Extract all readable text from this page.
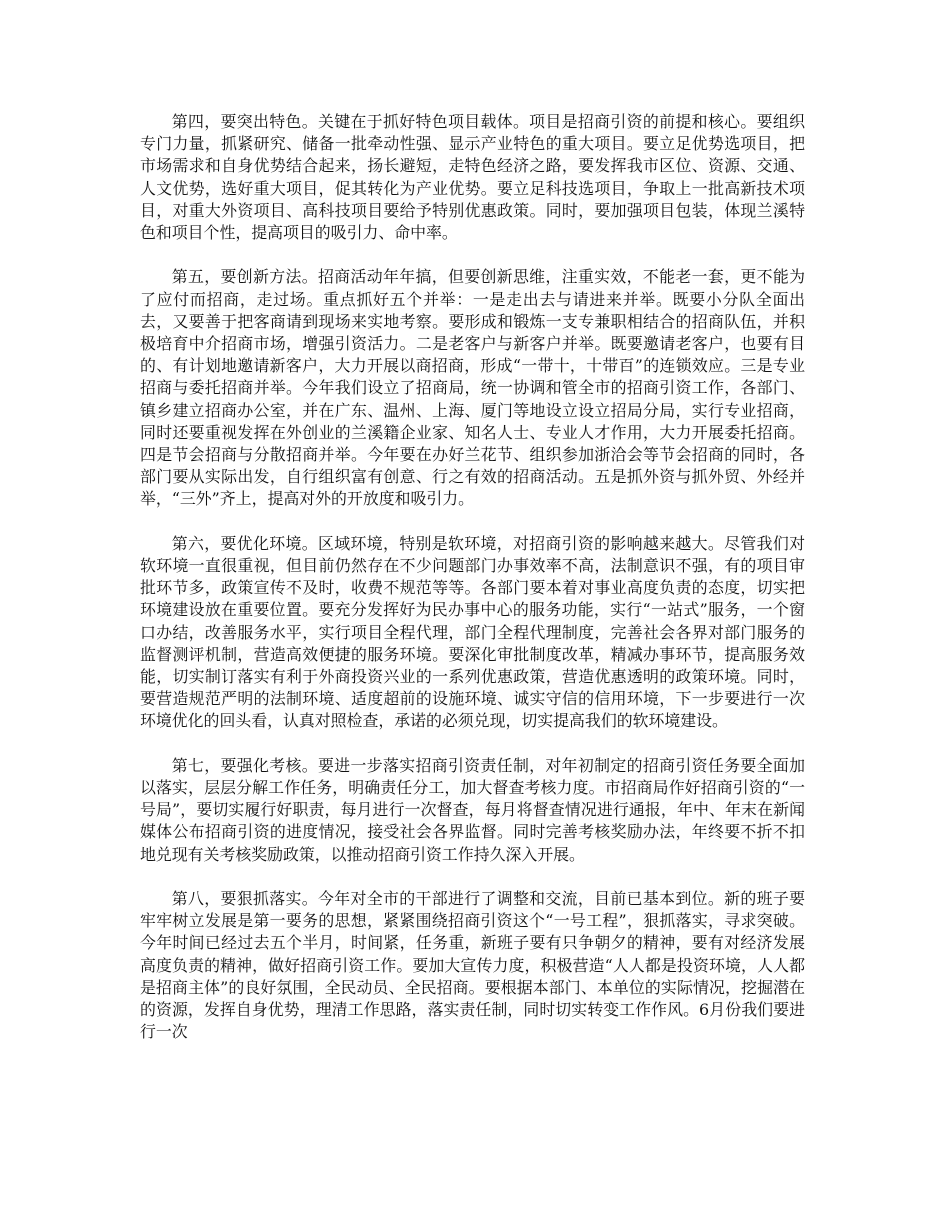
第四，要突出特色。关键在于抓好特色项目载体。项目是招商引资的前提和核心。要组织专门力量，抓紧研究、储备一批牵动性强、显示产业特色的重大项目。要立足优势选项目，把市场需求和自身优势结合起来，扬长避短，走特色经济之路，要发挥我市区位、资源、交通、人文优势，选好重大项目，促其转化为产业优势。要立足科技选项目，争取上一批高新技术项目，对重大外资项目、高科技项目要给予特别优惠政策。同时，要加强项目包装，体现兰溪特色和项目个性，提高项目的吸引力、命中率。

第五，要创新方法。招商活动年年搞，但要创新思维，注重实效，不能老一套，更不能为了应付而招商，走过场。重点抓好五个并举：一是走出去与请进来并举。既要小分队全面出去，又要善于把客商请到现场来实地考察。要形成和锻炼一支专兼职相结合的招商队伍，并积极培育中介招商市场，增强引资活力。二是老客户与新客户并举。既要邀请老客户，也要有目的、有计划地邀请新客户，大力开展以商招商，形成“一带十，十带百”的连锁效应。三是专业招商与委托招商并举。今年我们设立了招商局，统一协调和管全市的招商引资工作，各部门、镇乡建立招商办公室，并在广东、温州、上海、厦门等地设立设立招局分局，实行专业招商，同时还要重视发挥在外创业的兰溪籍企业家、知名人士、专业人才作用，大力开展委托招商。四是节会招商与分散招商并举。今年要在办好兰花节、组织参加浙洽会等节会招商的同时，各部门要从实际出发，自行组织富有创意、行之有效的招商活动。五是抓外资与抓外贸、外经并举，“三外”齐上，提高对外的开放度和吸引力。

第六，要优化环境。区域环境，特别是软环境，对招商引资的影响越来越大。尽管我们对软环境一直很重视，但目前仍然存在不少问题部门办事效率不高，法制意识不强，有的项目审批环节多，政策宣传不及时，收费不规范等等。各部门要本着对事业高度负责的态度，切实把环境建设放在重要位置。要充分发挥好为民办事中心的服务功能，实行“一站式”服务，一个窗口办结，改善服务水平，实行项目全程代理，部门全程代理制度，完善社会各界对部门服务的监督测评机制，营造高效便捷的服务环境。要深化审批制度改革，精减办事环节，提高服务效能，切实制订落实有利于外商投资兴业的一系列优惠政策，营造优惠透明的政策环境。同时，要营造规范严明的法制环境、适度超前的设施环境、诚实守信的信用环境，下一步要进行一次环境优化的回头看，认真对照检查，承诺的必须兑现，切实提高我们的软环境建设。

第七，要强化考核。要进一步落实招商引资责任制，对年初制定的招商引资任务要全面加以落实，层层分解工作任务，明确责任分工，加大督查考核力度。市招商局作好招商引资的“一号局”，要切实履行好职责，每月进行一次督查，每月将督查情况进行通报，年中、年末在新闻媒体公布招商引资的进度情况，接受社会各界监督。同时完善考核奖励办法，年终要不折不扣地兑现有关考核奖励政策，以推动招商引资工作持久深入开展。

第八，要狠抓落实。今年对全市的干部进行了调整和交流，目前已基本到位。新的班子要牢牢树立发展是第一要务的思想，紧紧围绕招商引资这个“一号工程”，狠抓落实，寻求突破。今年时间已经过去五个半月，时间紧，任务重，新班子要有只争朝夕的精神，要有对经济发展高度负责的精神，做好招商引资工作。要加大宣传力度，积极营造“人人都是投资环境，人人都是招商主体”的良好氛围，全民动员、全民招商。要根据本部门、本单位的实际情况，挖掘潜在的资源，发挥自身优势，理清工作思路，落实责任制，同时切实转变工作作风。6月份我们要进行一次
